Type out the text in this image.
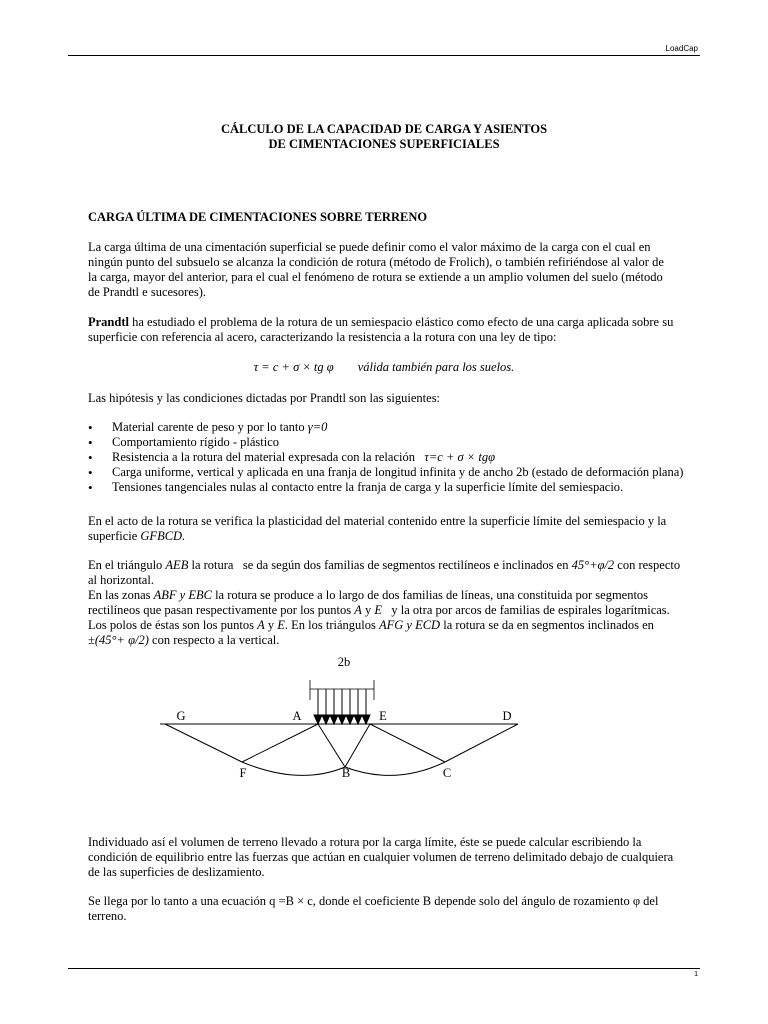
LoadCap
CÁLCULO DE LA CAPACIDAD DE CARGA Y ASIENTOS
DE CIMENTACIONES SUPERFICIALES
CARGA ÚLTIMA DE CIMENTACIONES SOBRE TERRENO

La carga última de una cimentación superficial se puede definir como el valor máximo de la carga con el cual en

ningún punto del subsuelo se alcanza la condición de rotura (método de Frolich), o también refiriéndose al valor de

la carga, mayor del anterior, para el cual el fenómeno de rotura se extiende a un amplio volumen del suelo (método

de Prandtl e sucesores).

Prandtl ha estudiado el problema de la rotura de un semiespacio elástico como efecto de una carga aplicada sobre su

superficie con referencia al acero, caracterizando la resistencia a la rotura con una ley de tipo:

τ = c + σ × tg φ válida también para los suelos.
Las hipótesis y las condiciones dictadas por Prandtl son las siguientes:
• Material carente de peso y por lo tanto γ=0
• Comportamiento rígido - plástico
• Resistencia a la rotura del material expresada con la relación   τ=c + σ × tgφ
• Carga uniforme, vertical y aplicada en una franja de longitud infinita y de ancho 2b (estado de deformación plana)
• Tensiones tangenciales nulas al contacto entre la franja de carga y la superficie límite del semiespacio.

En el acto de la rotura se verifica la plasticidad del material contenido entre la superficie límite del semiespacio y la

superficie GFBCD.

En el triángulo AEB la rotura   se da según dos familias de segmentos rectilíneos e inclinados en 45°+φ/2 con respecto

al horizontal.

En las zonas ABF y EBC la rotura se produce a lo largo de dos familias de líneas, una constituida por segmentos

rectilíneos que pasan respectivamente por los puntos A y E   y la otra por arcos de familias de espirales logarítmicas.

Los polos de éstas son los puntos A y E. En los triángulos AFG y ECD la rotura se da en segmentos inclinados en

±(45°+ φ/2) con respecto a la vertical.

2b
G	A	E	D
F	B	C

Individuado así el volumen de terreno llevado a rotura por la carga límite, éste se puede calcular escribiendo la

condición de equilibrio entre las fuerzas que actúan en cualquier volumen de terreno delimitado debajo de cualquiera

de las superficies de deslizamiento.

Se llega por lo tanto a una ecuación q =B × c, donde el coeficiente B depende solo del ángulo de rozamiento φ del

terreno.

1
